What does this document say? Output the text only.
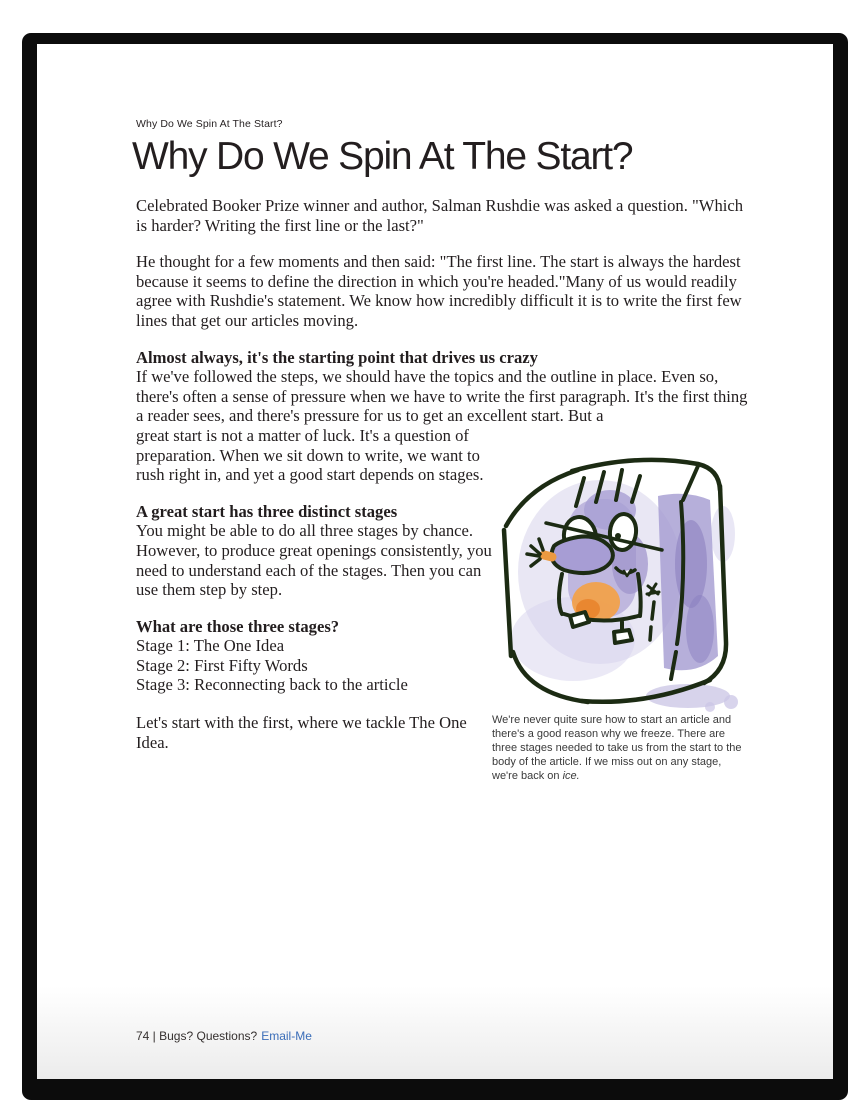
Why Do We Spin At The Start?
Why Do We Spin At The Start?

Celebrated Booker Prize winner and author, Salman Rushdie was asked a question. "Which is harder? Writing the first line or the last?"

He thought for a few moments and then said: "The first line. The start is always the hardest because it seems to define the direction in which you're headed."Many of us would readily agree with Rushdie's statement. We know how incredibly difficult it is to write the first few lines that get our articles moving.

Almost always, it's the starting point that drives us crazy

If we've followed the steps, we should have the topics and the outline in place. Even so, there's often a sense of pressure when we have to write the first paragraph. It's the first thing a reader sees, and there's pressure for us to get an excellent start. But a

great start is not a matter of luck. It's a question of preparation. When we sit down to write, we want to rush right in, and yet a good start depends on stages.

A great start has three distinct stages

You might be able to do all three stages by chance. However, to produce great openings consistently, you need to understand each of the stages. Then you can use them step by step.

What are those three stages?
Stage 1: The One Idea
Stage 2: First Fifty Words
Stage 3: Reconnecting back to the article

Let's start with the first, where we tackle The One Idea.

We're never quite sure how to start an article and there's a good reason why we freeze. There are three stages needed to take us from the start to the body of the article. If we miss out on any stage, we're back on ice.
74 | Bugs? Questions? Email-Me
